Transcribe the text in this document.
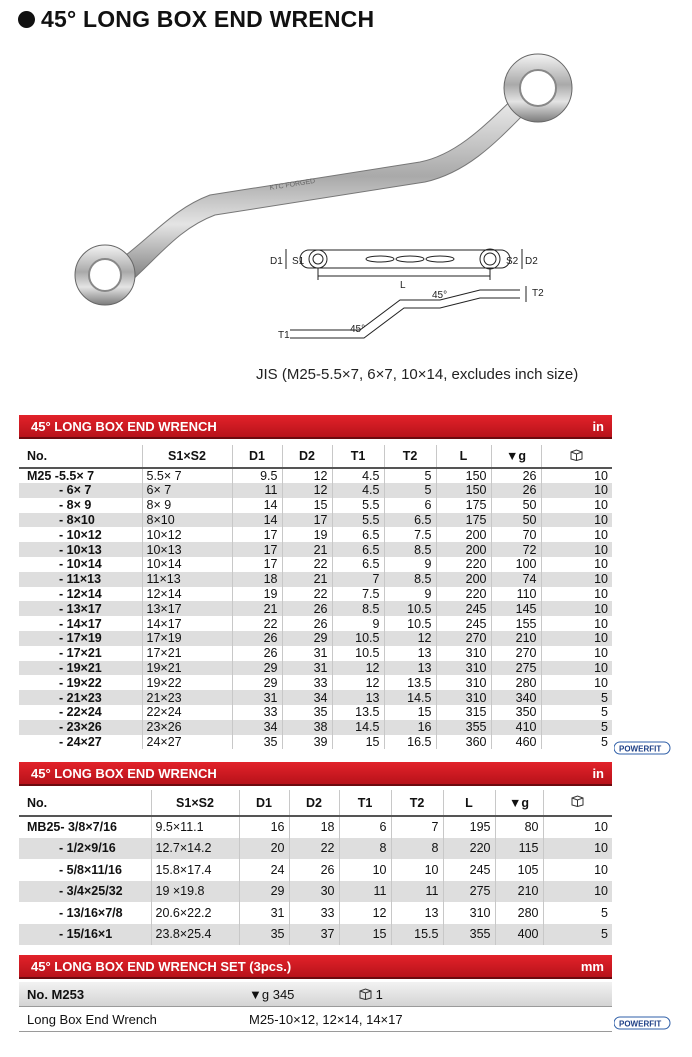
45° LONG BOX END WRENCH
KTC FORGED
D1 S1	S2 D2
L
45°	T2
T1
45°
JIS (M25-5.5×7, 6×7, 10×14, excludes inch size)
45° LONG BOX END WRENCH	in
No.	S1×S2	D1	D2	T1	T2	L	▼g	
M25 -5.5× 7	5.5× 7	9.5	12	4.5	5	150	26	10
- 6× 7	6× 7	11	12	4.5	5	150	26	10
- 8× 9	8× 9	14	15	5.5	6	175	50	10
- 8×10	8×10	14	17	5.5	6.5	175	50	10
- 10×12	10×12	17	19	6.5	7.5	200	70	10
- 10×13	10×13	17	21	6.5	8.5	200	72	10
- 10×14	10×14	17	22	6.5	9	220	100	10
- 11×13	11×13	18	21	7	8.5	200	74	10
- 12×14	12×14	19	22	7.5	9	220	110	10
- 13×17	13×17	21	26	8.5	10.5	245	145	10
- 14×17	14×17	22	26	9	10.5	245	155	10
- 17×19	17×19	26	29	10.5	12	270	210	10
- 17×21	17×21	26	31	10.5	13	310	270	10
- 19×21	19×21	29	31	12	13	310	275	10
- 19×22	19×22	29	33	12	13.5	310	280	10
- 21×23	21×23	31	34	13	14.5	310	340	5
- 22×24	22×24	33	35	13.5	15	315	350	5
- 23×26	23×26	34	38	14.5	16	355	410	5
- 24×27	24×27	35	39	15	16.5	360	460	5
POWERFIT
45° LONG BOX END WRENCH	in
No.	S1×S2	D1	D2	T1	T2	L	▼g	
MB25- 3/8×7/16	9.5×11.1	16	18	6	7	195	80	10
- 1/2×9/16	12.7×14.2	20	22	8	8	220	115	10
- 5/8×11/16	15.8×17.4	24	26	10	10	245	105	10
- 3/4×25/32	19 ×19.8	29	30	11	11	275	210	10
- 13/16×7/8	20.6×22.2	31	33	12	13	310	280	5
- 15/16×1	23.8×25.4	35	37	15	15.5	355	400	5
45° LONG BOX END WRENCH SET (3pcs.)	mm
No. M253	▼g 345	1
Long Box End Wrench	M25-10×12, 12×14, 14×17	POWERFIT
